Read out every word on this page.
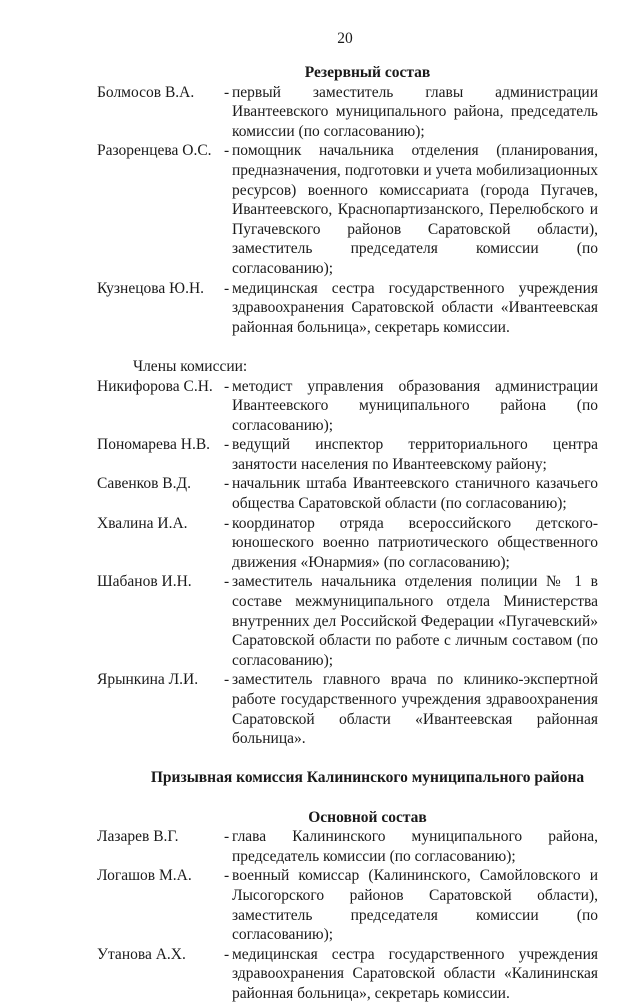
20
Резервный состав
Болмосов В.А.	- первый заместитель главы администрации Ивантеевского муниципального района, председатель комиссии (по согласованию);
Разоренцева О.С. - помощник начальника отделения (планирования, предназначения, подготовки и учета мобилизационных ресурсов) военного комиссариата (города Пугачев, Ивантеевского, Краснопартизанского, Перелюбского и Пугачевского районов Саратовской области), заместитель председателя комиссии (по согласованию);
Кузнецова Ю.Н.	- медицинская сестра государственного учреждения здравоохранения Саратовской области «Ивантеевская районная больница», секретарь комиссии.
Члены комиссии:
Никифорова С.Н. - методист управления образования администрации Ивантеевского муниципального района (по согласованию);
Пономарева Н.В. - ведущий инспектор территориального центра занятости населения по Ивантеевскому району;
Савенков В.Д.	- начальник штаба Ивантеевского станичного казачьего общества Саратовской области (по согласованию);
Хвалина И.А.	- координатор отряда всероссийского детского-юношеского военно патриотического общественного движения «Юнармия» (по согласованию);
Шабанов И.Н.	- заместитель начальника отделения полиции № 1 в составе межмуниципального отдела Министерства внутренних дел Российской Федерации «Пугачевский» Саратовской области по работе с личным составом (по согласованию);
Ярынкина Л.И.	- заместитель главного врача по клинико-экспертной работе государственного учреждения здравоохранения Саратовской области «Ивантеевская районная больница».
Призывная комиссия Калининского муниципального района
Основной состав
Лазарев В.Г.	- глава Калининского муниципального района, председатель комиссии (по согласованию);
Логашов М.А.	- военный комиссар (Калининского, Самойловского и Лысогорского районов Саратовской области), заместитель председателя комиссии (по согласованию);
Утанова А.Х.	- медицинская сестра государственного учреждения здравоохранения Саратовской области «Калининская районная больница», секретарь комиссии.
